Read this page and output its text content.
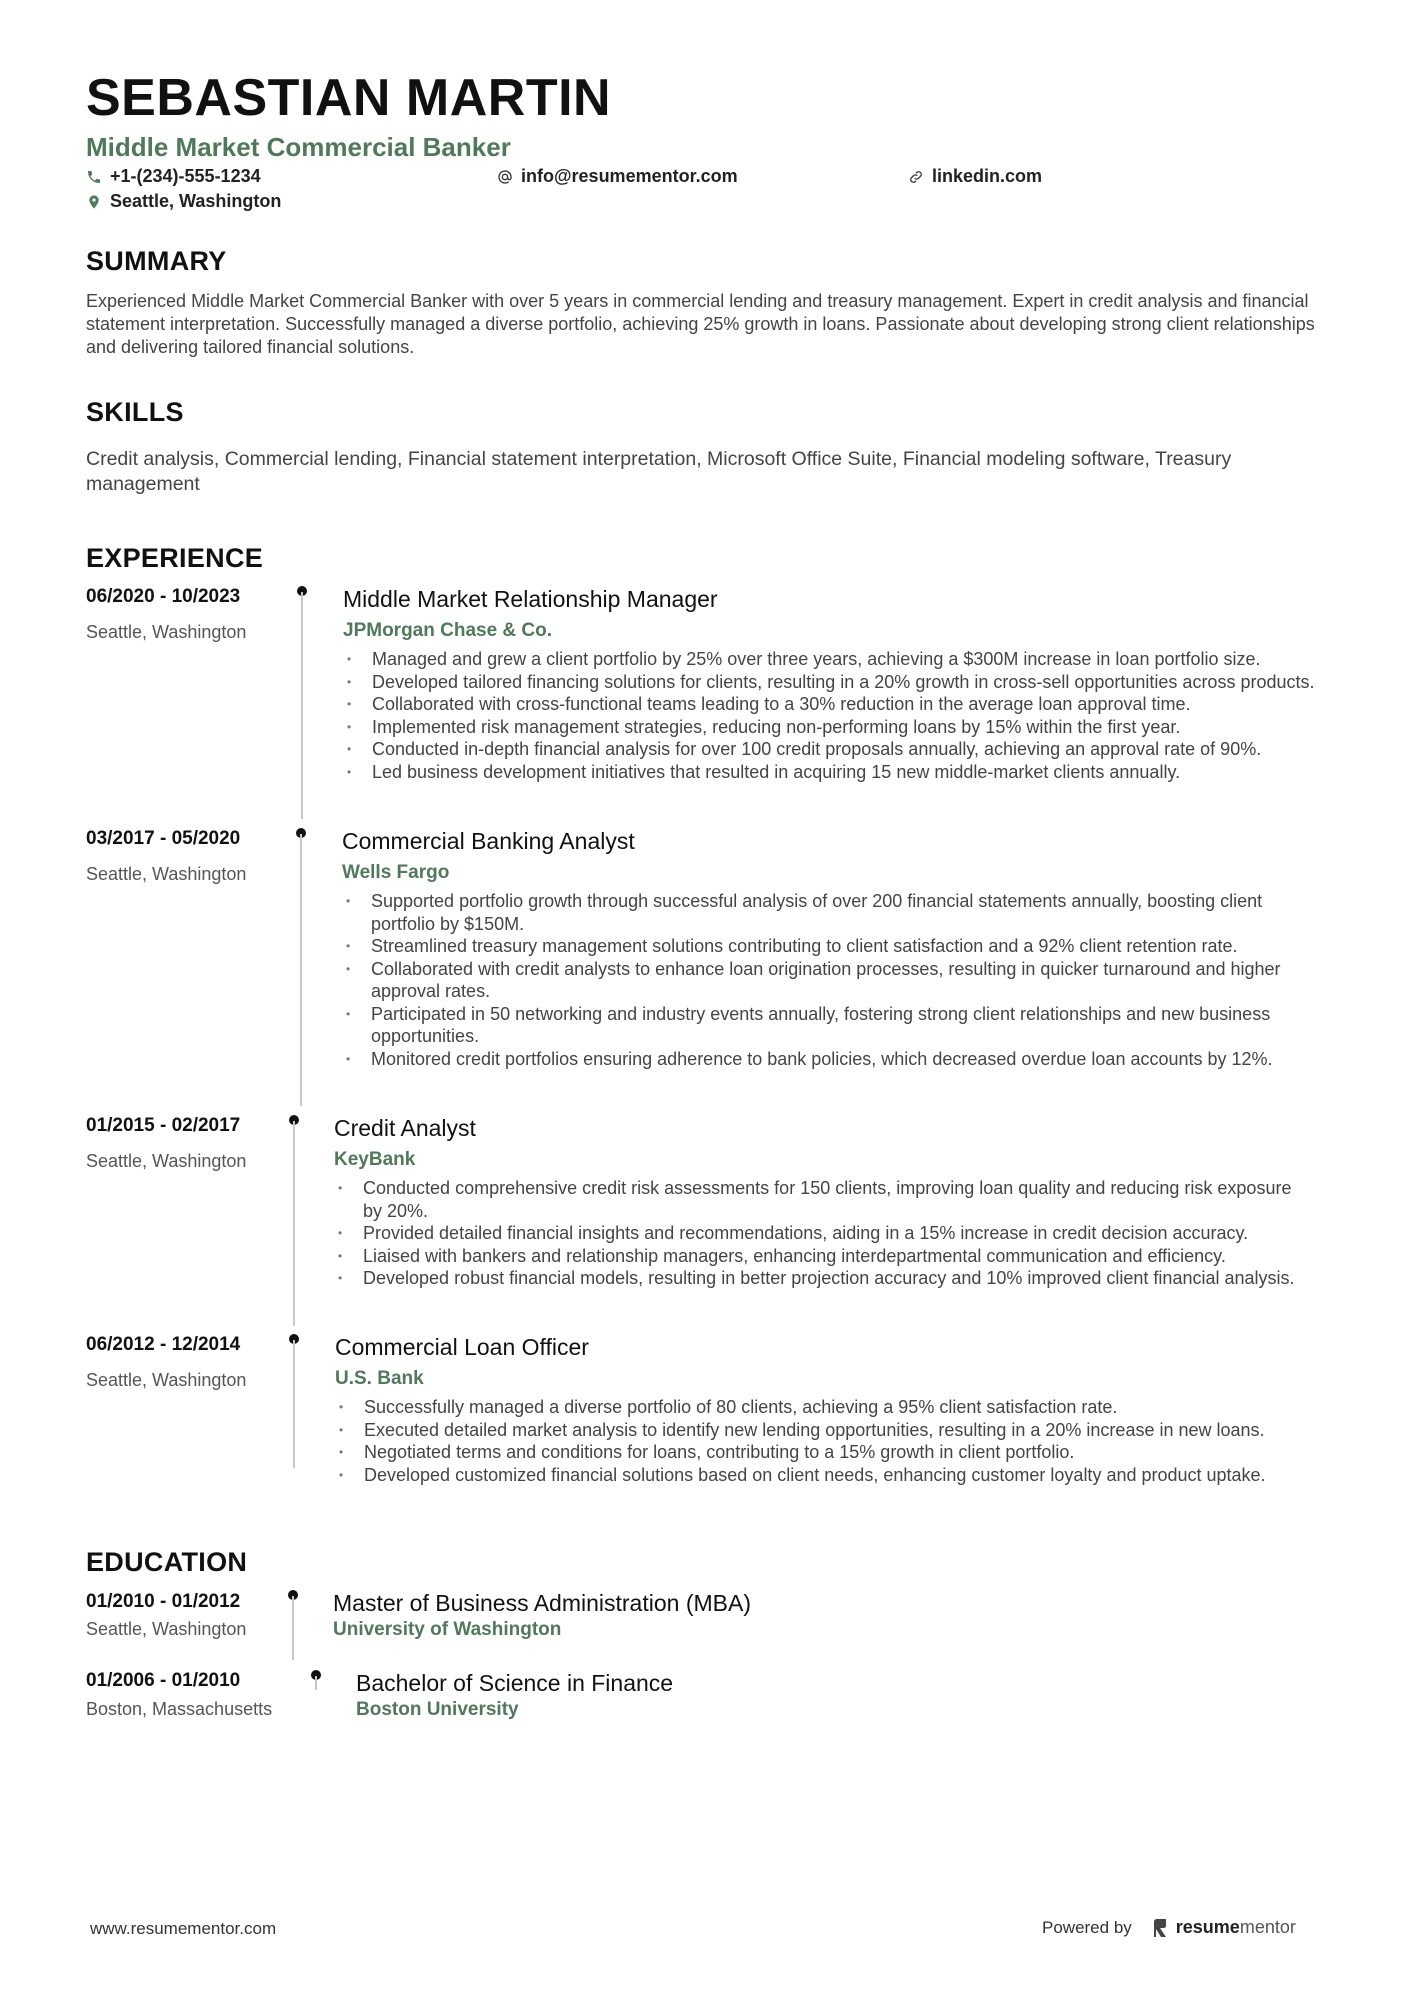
SEBASTIAN MARTIN
Middle Market Commercial Banker
+1-(234)-555-1234	info@resumementor.com	linkedin.com
Seattle, Washington
SUMMARY
Experienced Middle Market Commercial Banker with over 5 years in commercial lending and treasury management. Expert in credit analysis and financial statement interpretation. Successfully managed a diverse portfolio, achieving 25% growth in loans. Passionate about developing strong client relationships and delivering tailored financial solutions.
SKILLS
Credit analysis, Commercial lending, Financial statement interpretation, Microsoft Office Suite, Financial modeling software, Treasury management
EXPERIENCE
06/2020 - 10/2023
Seattle, Washington
Middle Market Relationship Manager
JPMorgan Chase & Co.
• Managed and grew a client portfolio by 25% over three years, achieving a $300M increase in loan portfolio size.
• Developed tailored financing solutions for clients, resulting in a 20% growth in cross-sell opportunities across products.
• Collaborated with cross-functional teams leading to a 30% reduction in the average loan approval time.
• Implemented risk management strategies, reducing non-performing loans by 15% within the first year.
• Conducted in-depth financial analysis for over 100 credit proposals annually, achieving an approval rate of 90%.
• Led business development initiatives that resulted in acquiring 15 new middle-market clients annually.
03/2017 - 05/2020
Seattle, Washington
Commercial Banking Analyst
Wells Fargo
• Supported portfolio growth through successful analysis of over 200 financial statements annually, boosting client portfolio by $150M.
• Streamlined treasury management solutions contributing to client satisfaction and a 92% client retention rate.
• Collaborated with credit analysts to enhance loan origination processes, resulting in quicker turnaround and higher approval rates.
• Participated in 50 networking and industry events annually, fostering strong client relationships and new business opportunities.
• Monitored credit portfolios ensuring adherence to bank policies, which decreased overdue loan accounts by 12%.
01/2015 - 02/2017
Seattle, Washington
Credit Analyst
KeyBank
• Conducted comprehensive credit risk assessments for 150 clients, improving loan quality and reducing risk exposure by 20%.
• Provided detailed financial insights and recommendations, aiding in a 15% increase in credit decision accuracy.
• Liaised with bankers and relationship managers, enhancing interdepartmental communication and efficiency.
• Developed robust financial models, resulting in better projection accuracy and 10% improved client financial analysis.
06/2012 - 12/2014
Seattle, Washington
Commercial Loan Officer
U.S. Bank
• Successfully managed a diverse portfolio of 80 clients, achieving a 95% client satisfaction rate.
• Executed detailed market analysis to identify new lending opportunities, resulting in a 20% increase in new loans.
• Negotiated terms and conditions for loans, contributing to a 15% growth in client portfolio.
• Developed customized financial solutions based on client needs, enhancing customer loyalty and product uptake.
EDUCATION
01/2010 - 01/2012
Seattle, Washington
Master of Business Administration (MBA)
University of Washington
01/2006 - 01/2010
Boston, Massachusetts
Bachelor of Science in Finance
Boston University
www.resumementor.com	Powered by resume mentor
